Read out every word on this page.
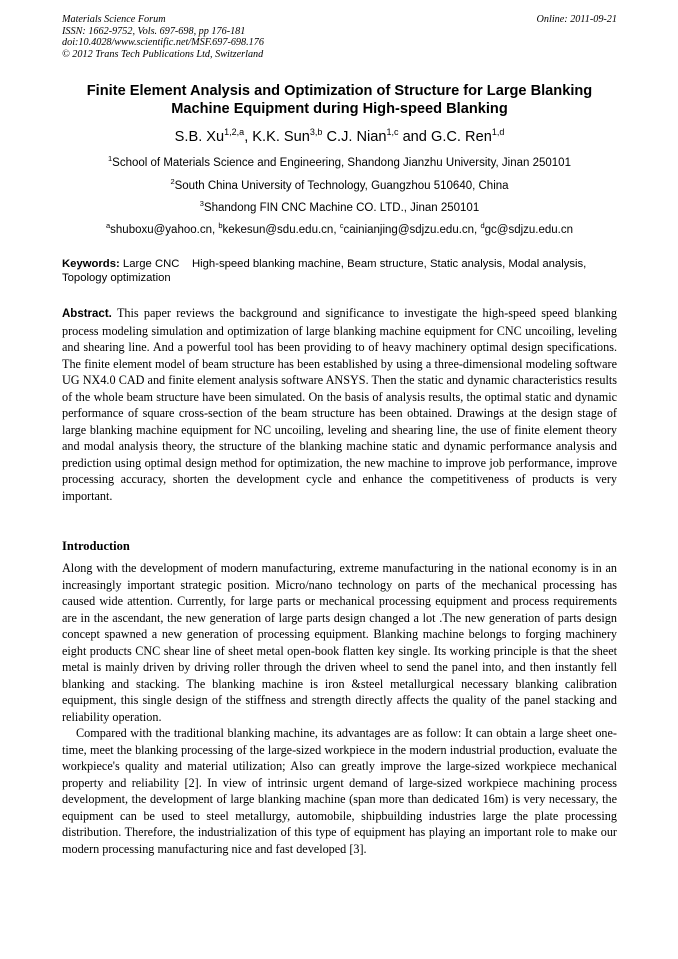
Materials Science Forum
ISSN: 1662-9752, Vols. 697-698, pp 176-181
doi:10.4028/www.scientific.net/MSF.697-698.176
© 2012 Trans Tech Publications Ltd, Switzerland
Online: 2011-09-21
Finite Element Analysis and Optimization of Structure for Large Blanking Machine Equipment during High-speed Blanking
S.B. Xu$^{1,2,a}$, K.K. Sun$^{3,b}$ C.J. Nian$^{1,c}$ and G.C. Ren$^{1,d}$
$^1$School of Materials Science and Engineering, Shandong Jianzhu University, Jinan 250101
$^2$South China University of Technology, Guangzhou 510640, China
$^3$Shandong FIN CNC Machine CO. LTD., Jinan 250101
$^a$shuboxu@yahoo.cn, $^b$kekesun@sdu.edu.cn, $^c$cainianjing@sdjzu.edu.cn, $^d$gc@sdjzu.edu.cn
Keywords: Large CNC    High-speed blanking machine, Beam structure, Static analysis, Modal analysis, Topology optimization
Abstract. This paper reviews the background and significance to investigate the high-speed speed blanking process modeling simulation and optimization of large blanking machine equipment for CNC uncoiling, leveling and shearing line. And a powerful tool has been providing to of heavy machinery optimal design specifications. The finite element model of beam structure has been established by using a three-dimensional modeling software UG NX4.0 CAD and finite element analysis software ANSYS. Then the static and dynamic characteristics results of the whole beam structure have been simulated. On the basis of analysis results, the optimal static and dynamic performance of square cross-section of the beam structure has been obtained. Drawings at the design stage of large blanking machine equipment for NC uncoiling, leveling and shearing line, the use of finite element theory and modal analysis theory, the structure of the blanking machine static and dynamic performance analysis and prediction using optimal design method for optimization, the new machine to improve job performance, improve processing accuracy, shorten the development cycle and enhance the competitiveness of products is very important.
Introduction

Along with the development of modern manufacturing, extreme manufacturing in the national economy is in an increasingly important strategic position. Micro/nano technology on parts of the mechanical processing has caused wide attention. Currently, for large parts or mechanical processing equipment and process requirements are in the ascendant, the new generation of large parts design changed a lot .The new generation of parts design concept spawned a new generation of processing equipment. Blanking machine belongs to forging machinery eight products CNC shear line of sheet metal open-book flatten key single. Its working principle is that the sheet metal is mainly driven by driving roller through the driven wheel to send the panel into, and then instantly fell blanking and stacking. The blanking machine is iron &steel metallurgical necessary blanking calibration equipment, this single design of the stiffness and strength directly affects the quality of the panel stacking and reliability operation.

Compared with the traditional blanking machine, its advantages are as follow: It can obtain a large sheet one-time, meet the blanking processing of the large-sized workpiece in the modern industrial production, evaluate the workpiece's quality and material utilization; Also can greatly improve the large-sized workpiece mechanical property and reliability [2]. In view of intrinsic urgent demand of large-sized workpiece machining process development, the development of large blanking machine (span more than dedicated 16m) is very necessary, the equipment can be used to steel metallurgy, automobile, shipbuilding industries large the plate processing distribution. Therefore, the industrialization of this type of equipment has playing an important role to make our modern processing manufacturing nice and fast developed [3].
